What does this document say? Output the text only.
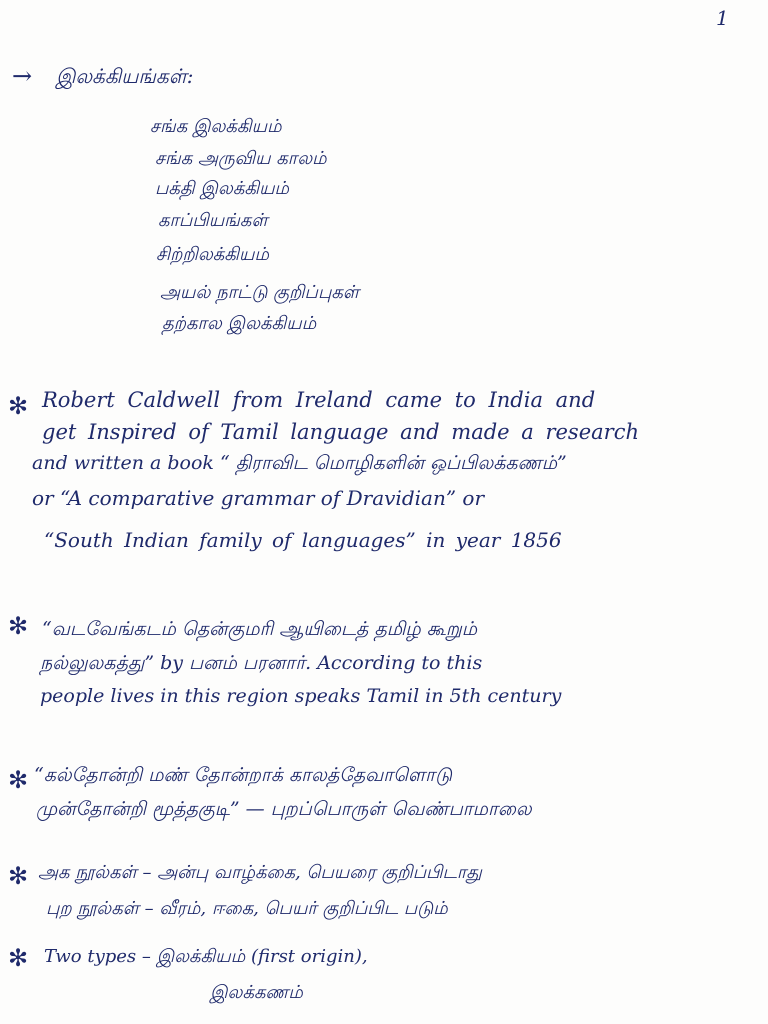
1
→ இலக்கியங்கள்:
சங்க இலக்கியம்
சங்க அருவிய காலம்
பக்தி இலக்கியம்
காப்பியங்கள்
சிற்றிலக்கியம்
அயல் நாட்டு குறிப்புகள்
தற்கால இலக்கியம்
✻ Robert Caldwell from Ireland came to India and
get Inspired of Tamil language and made a research
and written a book “ திராவிட மொழிகளின் ஒப்பிலக்கணம்”
or “A comparative grammar of Dravidian” or
“South Indian family of languages” in year 1856
✻ “வடவேங்கடம் தென்குமரி ஆயிடைத் தமிழ் கூறும்
நல்லுலகத்து” by பனம் பரனார். According to this
people lives in this region speaks Tamil in 5th century
✻ “கல்தோன்றி மண் தோன்றாக் காலத்தேவாளொடு
முன்தோன்றி மூத்தகுடி” — புறப்பொருள் வெண்பாமாலை
✻ அக நூல்கள் – அன்பு வாழ்க்கை, பெயரை குறிப்பிடாது
புற நூல்கள் – வீரம், ஈகை, பெயர் குறிப்பிட படும்
✻ Two types – இலக்கியம் (first origin),
இலக்கணம்
